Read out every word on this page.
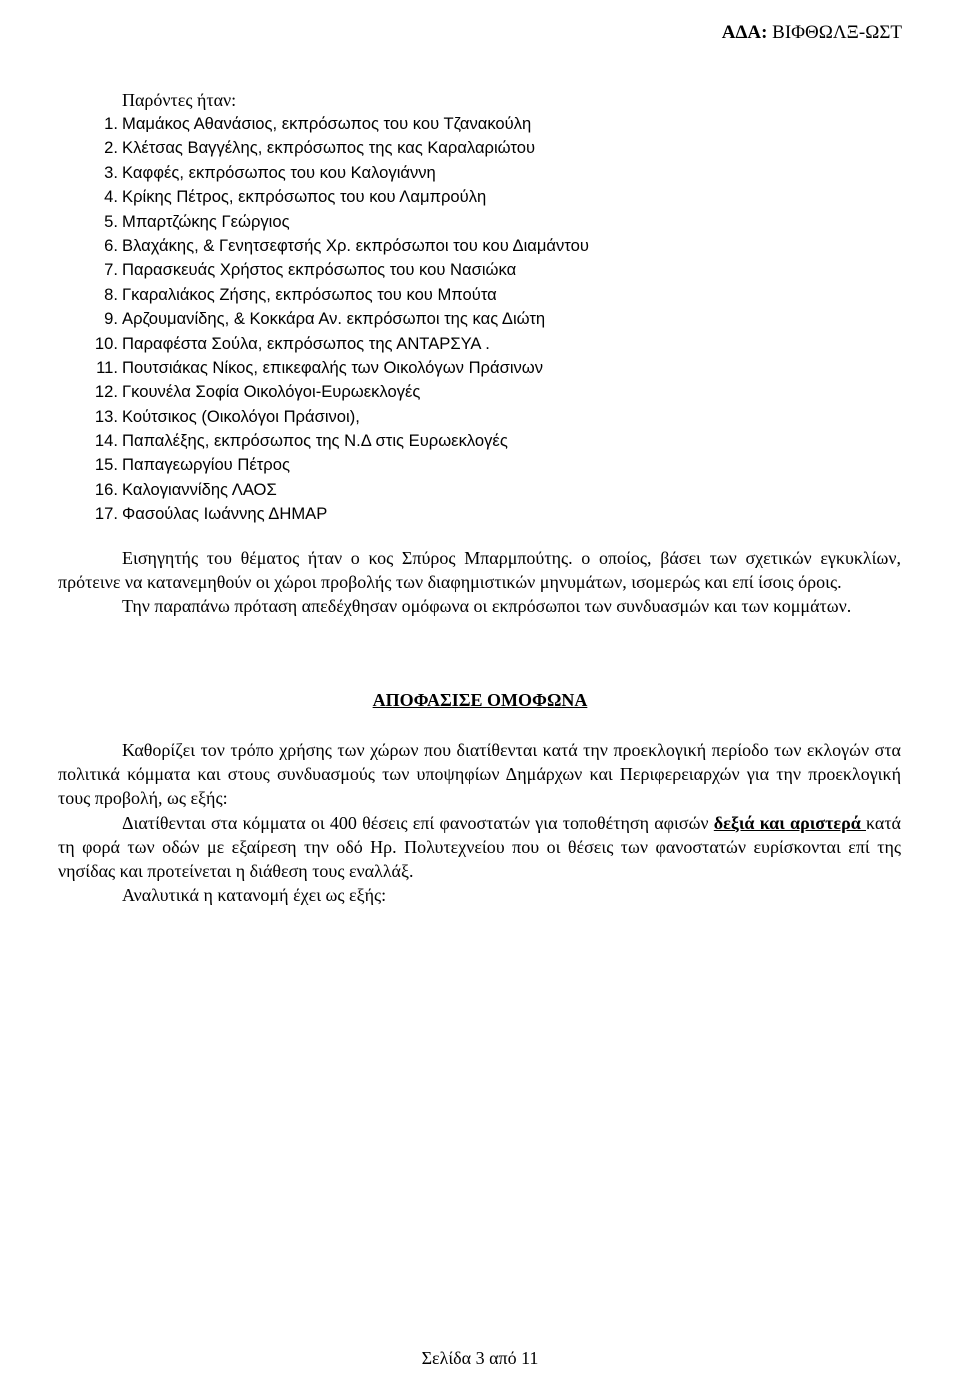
ΑΔΑ: ΒΙΦΘΩΛΞ-ΩΣΤ
Παρόντες ήταν:
1. Μαμάκος Αθανάσιος, εκπρόσωπος του κου Τζανακούλη
2. Κλέτσας Βαγγέλης, εκπρόσωπος της κας Καραλαριώτου
3. Καφφές, εκπρόσωπος του κου Καλογιάννη
4. Κρίκης Πέτρος, εκπρόσωπος του κου Λαμπρούλη
5. Μπαρτζώκης Γεώργιος
6. Βλαχάκης, & Γενητσεφτσής Χρ. εκπρόσωποι του κου Διαμάντου
7. Παρασκευάς Χρήστος εκπρόσωπος του κου Νασιώκα
8. Γκαραλιάκος Ζήσης, εκπρόσωπος του κου Μπούτα
9. Αρζουμανίδης, & Κοκκάρα Αν. εκπρόσωποι της κας Διώτη
10. Παραφέστα Σούλα, εκπρόσωπος της ΑΝΤΑΡΣΥΑ .
11. Πουτσιάκας Νίκος, επικεφαλής των Οικολόγων Πράσινων
12. Γκουνέλα Σοφία Οικολόγοι-Ευρωεκλογές
13. Κούτσικος (Οικολόγοι Πράσινοι),
14. Παπαλέξης, εκπρόσωπος της Ν.Δ στις Ευρωεκλογές
15. Παπαγεωργίου Πέτρος
16. Καλογιαννίδης ΛΑΟΣ
17. Φασούλας Ιωάννης ΔΗΜΑΡ

Εισηγητής του θέματος ήταν ο κος Σπύρος Μπαρμπούτης. ο οποίος, βάσει των σχετικών εγκυκλίων, πρότεινε να κατανεμηθούν οι χώροι προβολής των διαφημιστικών μηνυμάτων, ισομερώς και επί ίσοις όροις.

Την παραπάνω πρόταση απεδέχθησαν ομόφωνα οι εκπρόσωποι των συνδυασμών και των κομμάτων.

ΑΠΟΦΑΣΙΣΕ ΟΜΟΦΩΝΑ

Καθορίζει τον τρόπο χρήσης των χώρων που διατίθενται κατά την προεκλογική περίοδο των εκλογών στα πολιτικά κόμματα και στους συνδυασμούς των υποψηφίων Δημάρχων και Περιφερειαρχών για την προεκλογική τους προβολή, ως εξής:

Διατίθενται στα κόμματα οι 400 θέσεις επί φανοστατών για τοποθέτηση αφισών δεξιά και αριστερά κατά τη φορά των οδών με εξαίρεση την οδό Ηρ. Πολυτεχνείου που οι θέσεις των φανοστατών ευρίσκονται επί της νησίδας και προτείνεται η διάθεση τους εναλλάξ.

Αναλυτικά η κατανομή έχει ως εξής:

Σελίδα 3 από 11
